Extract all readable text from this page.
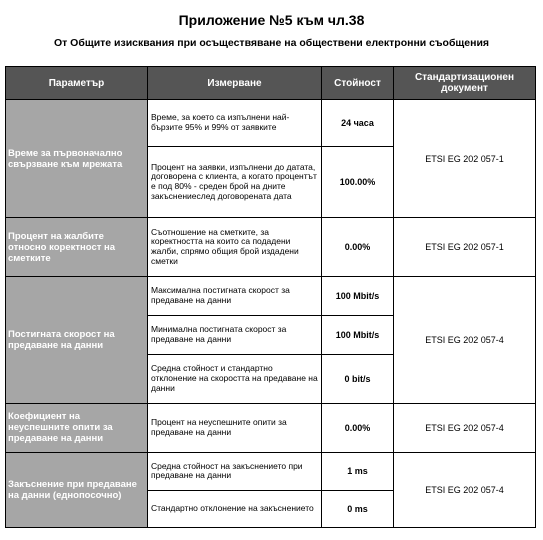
Приложение №5 към чл.38
От Общите изисквания при осъществяване на обществени електронни съобщения
Параметър	Измерване	Стойност	Стандартизационен документ
Време за първоначално свързване към мрежата	Време, за което са изпълнени най-бързите 95% и 99% от заявките	24 часа	ETSI EG 202 057-1
	Процент на заявки, изпълнени до датата, договорена с клиента, а когато процентът е под 80% - среден брой на дните закъснениеслед договорената дата	100.00%	
Процент на жалбите относно коректност на сметките	Съотношение на сметките, за коректността на които са подадени жалби, спрямо общия брой издадени сметки	0.00%	ETSI EG 202 057-1
Постигната скорост на предаване на данни	Максимална постигната скорост за предаване на данни	100 Mbit/s	ETSI EG 202 057-4
	Минимална постигната скорост за предаване на данни	100 Mbit/s	
	Средна стойност и стандартно отклонение на скоростта на предаване на данни	0 bit/s	
Коефициент на неуспешните опити за предаване на данни	Процент на неуспешните опити за предаване на данни	0.00%	ETSI EG 202 057-4
Закъснение при предаване на данни (еднопосочно)	Средна стойност на закъснението при предаване на данни	1 ms	ETSI EG 202 057-4
	Стандартно отклонение на закъснението	0 ms	
